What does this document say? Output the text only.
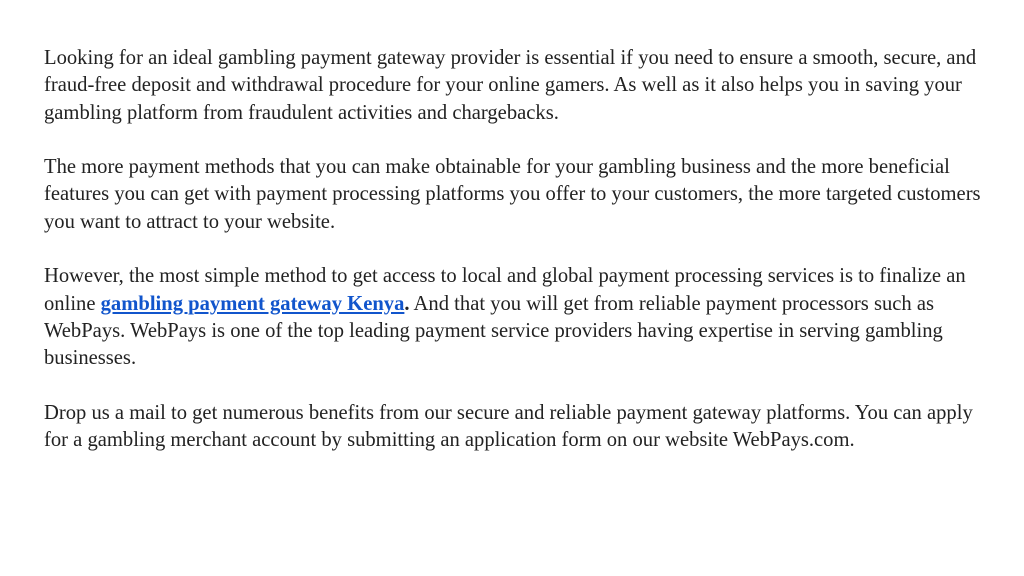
Looking for an ideal gambling payment gateway provider is essential if you need to ensure a smooth, secure, and fraud-free deposit and withdrawal procedure for your online gamers. As well as it also helps you in saving your gambling platform from fraudulent activities and chargebacks.

The more payment methods that you can make obtainable for your gambling business and the more beneficial features you can get with payment processing platforms you offer to your customers, the more targeted customers you want to attract to your website.

However, the most simple method to get access to local and global payment processing services is to finalize an online gambling payment gateway Kenya. And that you will get from reliable payment processors such as WebPays. WebPays is one of the top leading payment service providers having expertise in serving gambling businesses.

Drop us a mail to get numerous benefits from our secure and reliable payment gateway platforms. You can apply for a gambling merchant account by submitting an application form on our website WebPays.com.
